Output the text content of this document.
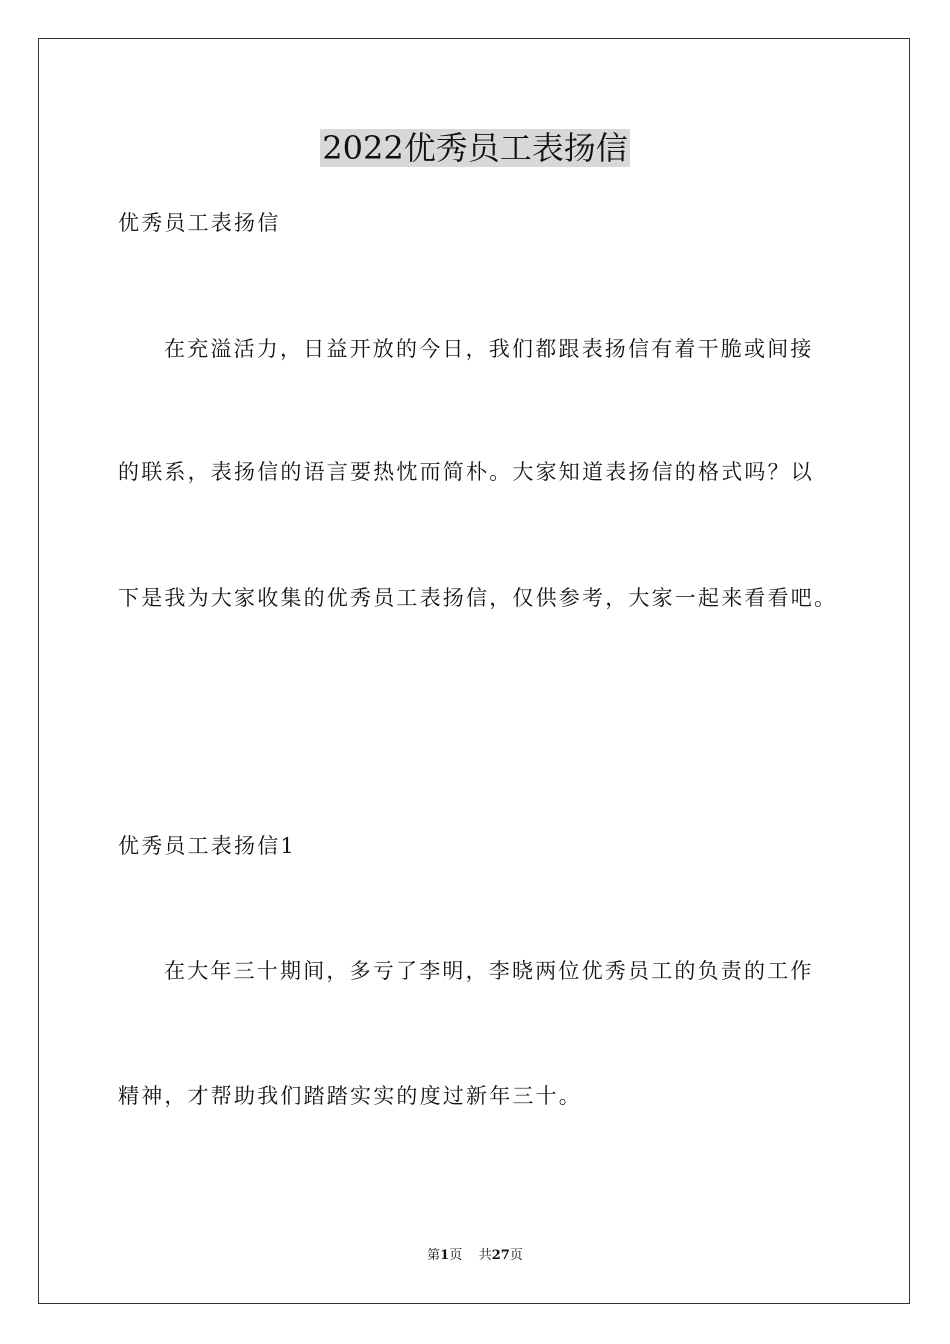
2022优秀员工表扬信
优秀员工表扬信
在充溢活力，日益开放的今日，我们都跟表扬信有着干脆或间接
的联系，表扬信的语言要热忱而简朴。大家知道表扬信的格式吗？以
下是我为大家收集的优秀员工表扬信，仅供参考，大家一起来看看吧。
优秀员工表扬信1
在大年三十期间，多亏了李明，李晓两位优秀员工的负责的工作
精神，才帮助我们踏踏实实的度过新年三十。
第1页 共27页
